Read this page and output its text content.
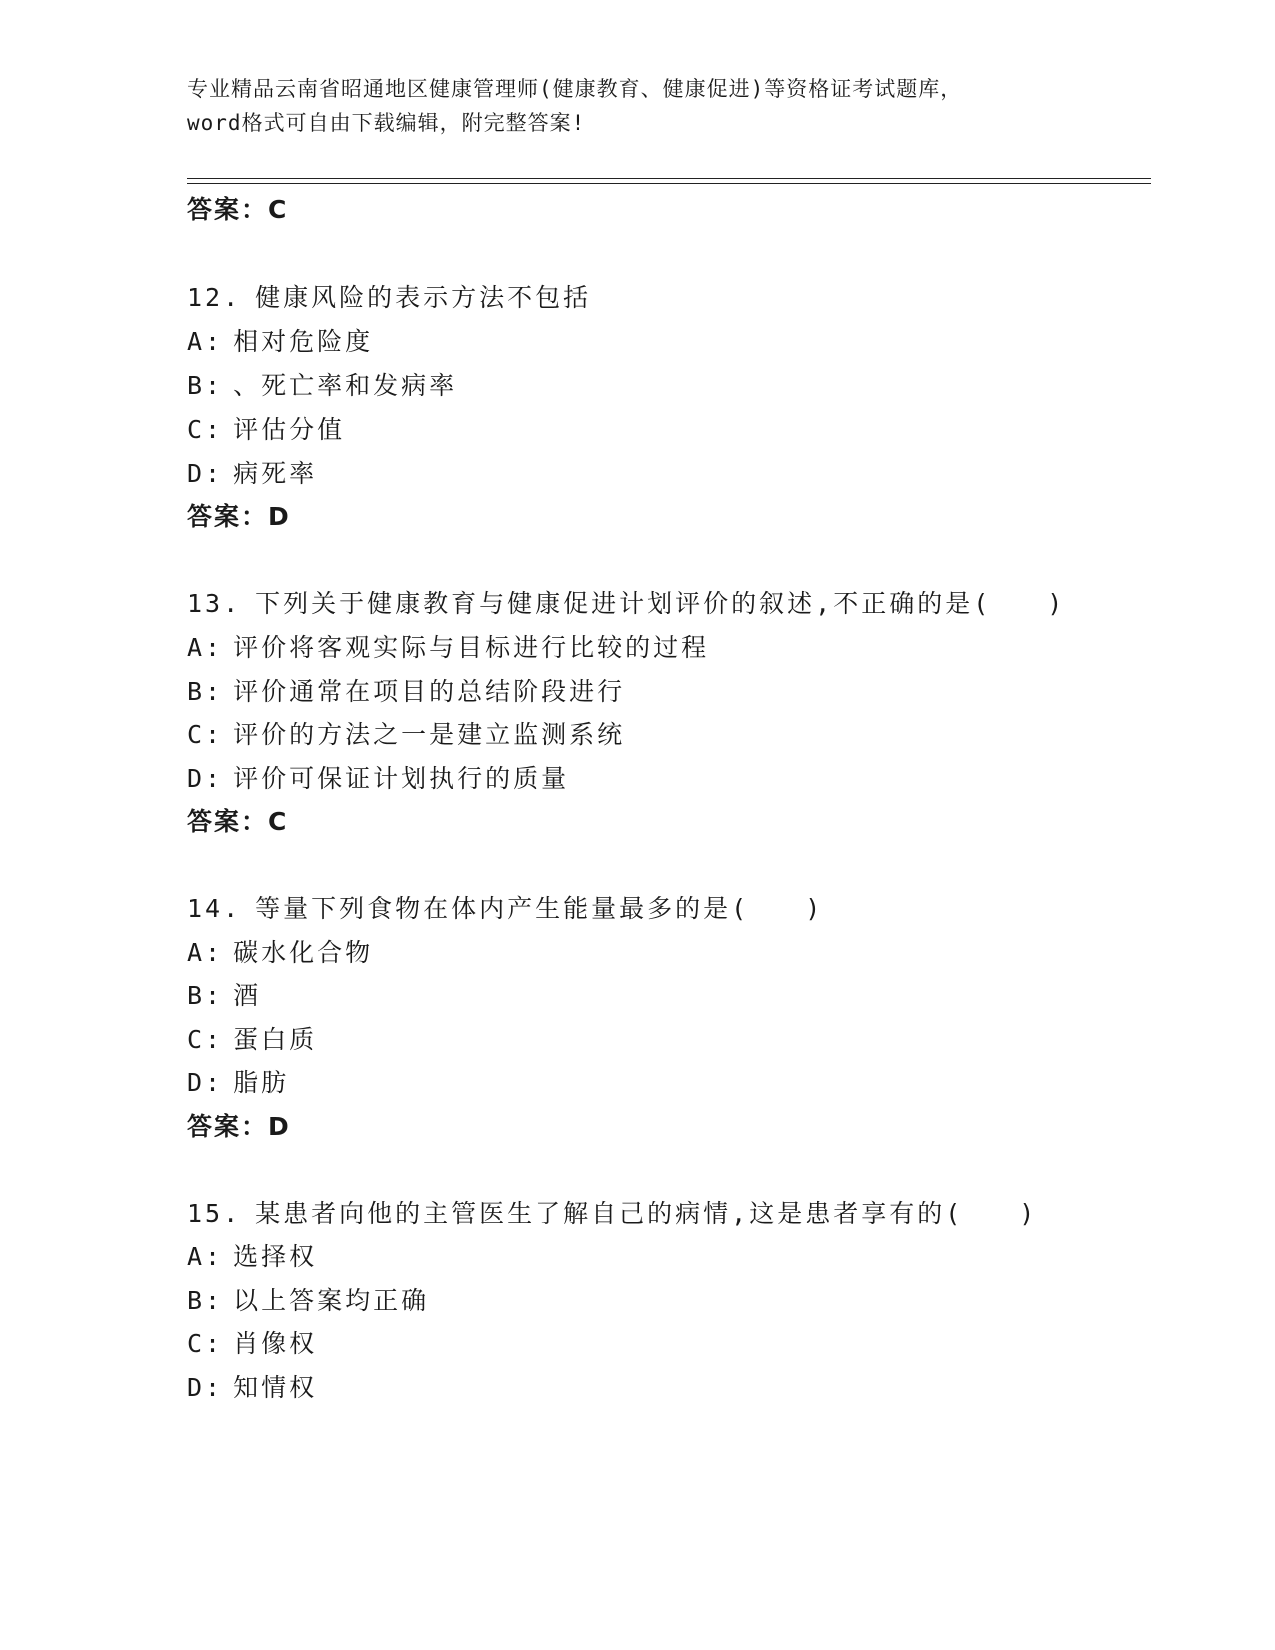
专业精品云南省昭通地区健康管理师(健康教育、健康促进)等资格证考试题库，
word格式可自由下载编辑，附完整答案!
答案：C
12. 健康风险的表示方法不包括
A: 相对危险度
B: 、死亡率和发病率
C: 评估分值
D: 病死率
答案：D
13. 下列关于健康教育与健康促进计划评价的叙述,不正确的是(　　)
A: 评价将客观实际与目标进行比较的过程
B: 评价通常在项目的总结阶段进行
C: 评价的方法之一是建立监测系统
D: 评价可保证计划执行的质量
答案：C
14. 等量下列食物在体内产生能量最多的是(　　)
A: 碳水化合物
B: 酒
C: 蛋白质
D: 脂肪
答案：D
15. 某患者向他的主管医生了解自己的病情,这是患者享有的(　　)
A: 选择权
B: 以上答案均正确
C: 肖像权
D: 知情权
